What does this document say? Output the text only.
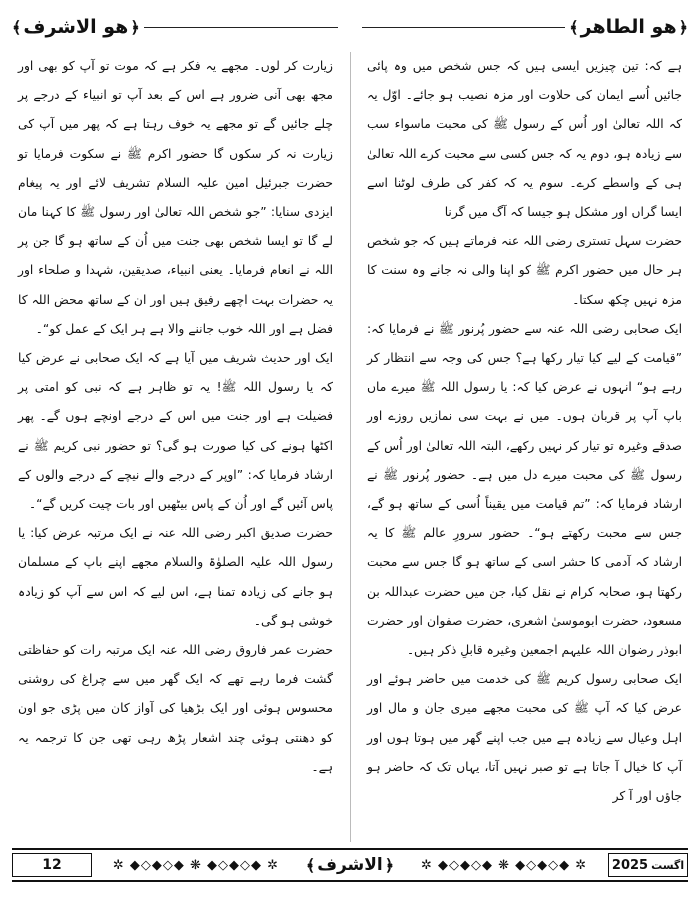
﴿
ھو الطاھر
﴾
﴿
ھو الاشرف
﴾

ہے کہ: تین چیزیں ایسی ہیں کہ جس شخص میں وہ پائی جائیں اُسے ایمان کی حلاوت اور مزہ نصیب ہو جائے۔ اوّل یہ کہ اللہ تعالیٰ اور اُس کے رسول ﷺ کی محبت ماسواء سب سے زیادہ ہو، دوم یہ کہ جس کسی سے محبت کرے اللہ تعالیٰ ہی کے واسطے کرے۔ سوم یہ کہ کفر کی طرف لوٹنا اسے ایسا گراں اور مشکل ہو جیسا کہ آگ میں گرنا

حضرت سہل تستری رضی اللہ عنہ فرماتے ہیں کہ جو شخص ہر حال میں حضور اکرم ﷺ کو اپنا والی نہ جانے وہ سنت کا مزہ نہیں چکھ سکتا۔

ایک صحابی رضی اللہ عنہ سے حضور پُرنور ﷺ نے فرمایا کہ: ”قیامت کے لیے کیا تیار رکھا ہے؟ جس کی وجہ سے انتظار کر رہے ہو“ انہوں نے عرض کیا کہ: یا رسول اللہ ﷺ میرے ماں باپ آپ پر قربان ہوں۔ میں نے بہت سی نمازیں روزے اور صدقے وغیرہ تو تیار کر نہیں رکھے، البتہ اللہ تعالیٰ اور اُس کے رسول ﷺ کی محبت میرے دل میں ہے۔ حضور پُرنور ﷺ نے ارشاد فرمایا کہ: ”تم قیامت میں یقیناً اُسی کے ساتھ ہو گے، جس سے محبت رکھتے ہو“۔ حضور سرورِ عالم ﷺ کا یہ ارشاد کہ آدمی کا حشر اسی کے ساتھ ہو گا جس سے محبت رکھتا ہو، صحابہ کرام نے نقل کیا، جن میں حضرت عبداللہ بن مسعود، حضرت ابوموسیٰ اشعری، حضرت صفوان اور حضرت ابوذر رضوان اللہ علیہم اجمعین وغیرہ قابلِ ذکر ہیں۔

ایک صحابی رسول کریم ﷺ کی خدمت میں حاضر ہوئے اور عرض کیا کہ آپ ﷺ کی محبت مجھے میری جان و مال اور اہل وعیال سے زیادہ ہے میں جب اپنے گھر میں ہوتا ہوں اور آپ کا خیال آ جاتا ہے تو صبر نہیں آتا، یہاں تک کہ حاضر ہو جاؤں اور آ کر

زیارت کر لوں۔ مجھے یہ فکر ہے کہ موت تو آپ کو بھی اور مجھ بھی آنی ضرور ہے اس کے بعد آپ تو انبیاء کے درجے پر چلے جائیں گے تو مجھے یہ خوف رہتا ہے کہ پھر میں آپ کی زیارت نہ کر سکوں گا حضور اکرم ﷺ نے سکوت فرمایا تو حضرت جبرئیل امین علیہ السلام تشریف لائے اور یہ پیغام ایزدی سنایا: ”جو شخص اللہ تعالیٰ اور رسول ﷺ کا کہنا مان لے گا تو ایسا شخص بھی جنت میں اُن کے ساتھ ہو گا جن پر اللہ نے انعام فرمایا۔ یعنی انبیاء، صدیقین، شہدا و صلحاء اور یہ حضرات بہت اچھے رفیق ہیں اور ان کے ساتھ محض اللہ کا فضل ہے اور اللہ خوب جاننے والا ہے ہر ایک کے عمل کو“۔

ایک اور حدیث شریف میں آیا ہے کہ ایک صحابی نے عرض کیا کہ یا رسول اللہ ﷺ! یہ تو ظاہر ہے کہ نبی کو امتی پر فضیلت ہے اور جنت میں اس کے درجے اونچے ہوں گے۔ پھر اکٹھا ہونے کی کیا صورت ہو گی؟ تو حضور نبی کریم ﷺ نے ارشاد فرمایا کہ: ”اوپر کے درجے والے نیچے کے درجے والوں کے پاس آئیں گے اور اُن کے پاس بیٹھیں اور بات چیت کریں گے“۔

حضرت صدیق اکبر رضی اللہ عنہ نے ایک مرتبہ عرض کیا: یا رسول اللہ علیہ الصلوٰۃ والسلام مجھے اپنے باپ کے مسلمان ہو جانے کی زیادہ تمنا ہے، اس لیے کہ اس سے آپ کو زیادہ خوشی ہو گی۔

حضرت عمر فاروق رضی اللہ عنہ ایک مرتبہ رات کو حفاظتی گشت فرما رہے تھے کہ ایک گھر میں سے چراغ کی روشنی محسوس ہوئی اور ایک بڑھیا کی آواز کان میں پڑی جو اون کو دھنتی ہوئی چند اشعار پڑھ رہی تھی جن کا ترجمہ یہ ہے۔

12	✲ ◆◇◆◇◆ ❋ ◆◇◆◇◆ ✲	﴿
الاشرف
﴾	✲ ◆◇◆◇◆ ❋ ◆◇◆◇◆ ✲	اگست
2025
